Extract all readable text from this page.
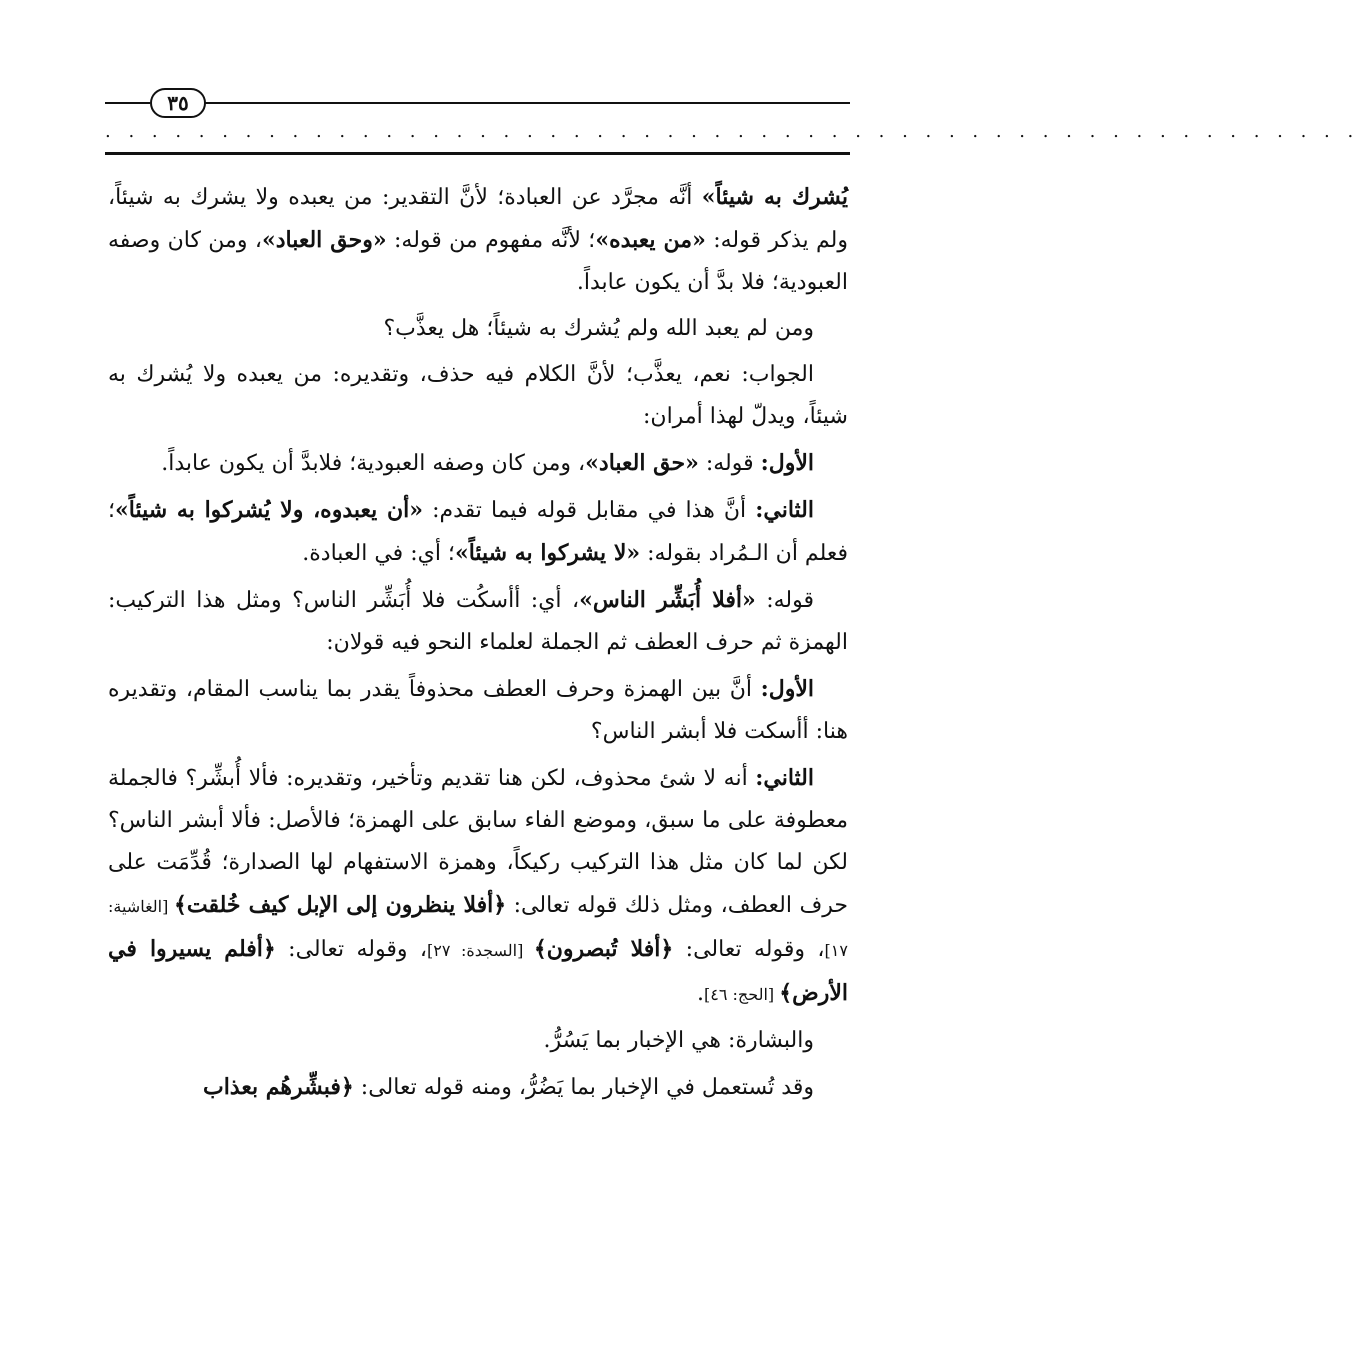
٣٥
. . . . . . . . . . . . . . . . . . . . . . . . . . . . . . . . . . . . . . . . . . . . . . . . . . . . . .

يُشرك به شيئاً» أنَّه مجرَّد عن العبادة؛ لأنَّ التقدير: من يعبده ولا يشرك به شيئاً، ولم يذكر قوله: «من يعبده»؛ لأنَّه مفهوم من قوله: «وحق العباد»، ومن كان وصفه العبودية؛ فلا بدَّ أن يكون عابداً.

ومن لم يعبد الله ولم يُشرك به شيئاً؛ هل يعذَّب؟

الجواب: نعم، يعذَّب؛ لأنَّ الكلام فيه حذف، وتقديره: من يعبده ولا يُشرك به شيئاً، ويدلّ لهذا أمران:

الأول: قوله: «حق العباد»، ومن كان وصفه العبودية؛ فلابدَّ أن يكون عابداً.

الثاني: أنَّ هذا في مقابل قوله فيما تقدم: «أن يعبدوه، ولا يُشركوا به شيئاً»؛ فعلم أن الـمُراد بقوله: «لا يشركوا به شيئاً»؛ أي: في العبادة.

قوله: «أفلا أُبَشِّر الناس»، أي: أأسكُت فلا أُبَشِّر الناس؟ ومثل هذا التركيب: الهمزة ثم حرف العطف ثم الجملة لعلماء النحو فيه قولان:

الأول: أنَّ بين الهمزة وحرف العطف محذوفاً يقدر بما يناسب المقام، وتقديره هنا: أأسكت فلا أبشر الناس؟

الثاني: أنه لا شئ محذوف، لكن هنا تقديم وتأخير، وتقديره: فألا أُبشِّر؟ فالجملة معطوفة على ما سبق، وموضع الفاء سابق على الهمزة؛ فالأصل: فألا أبشر الناس؟ لكن لما كان مثل هذا التركيب ركيكاً، وهمزة الاستفهام لها الصدارة؛ قُدِّمَت على حرف العطف، ومثل ذلك قوله تعالى: ﴿أفلا ينظرون إلى الإبل كيف خُلقت﴾ [الغاشية: ١٧]، وقوله تعالى: ﴿أفلا تُبصرون﴾ [السجدة: ٢٧]، وقوله تعالى: ﴿أفلم يسيروا في الأرض﴾ [الحج: ٤٦].

والبشارة: هي الإخبار بما يَسُرُّ.

وقد تُستعمل في الإخبار بما يَضُرُّ، ومنه قوله تعالى: ﴿فبشِّرهُم بعذاب
